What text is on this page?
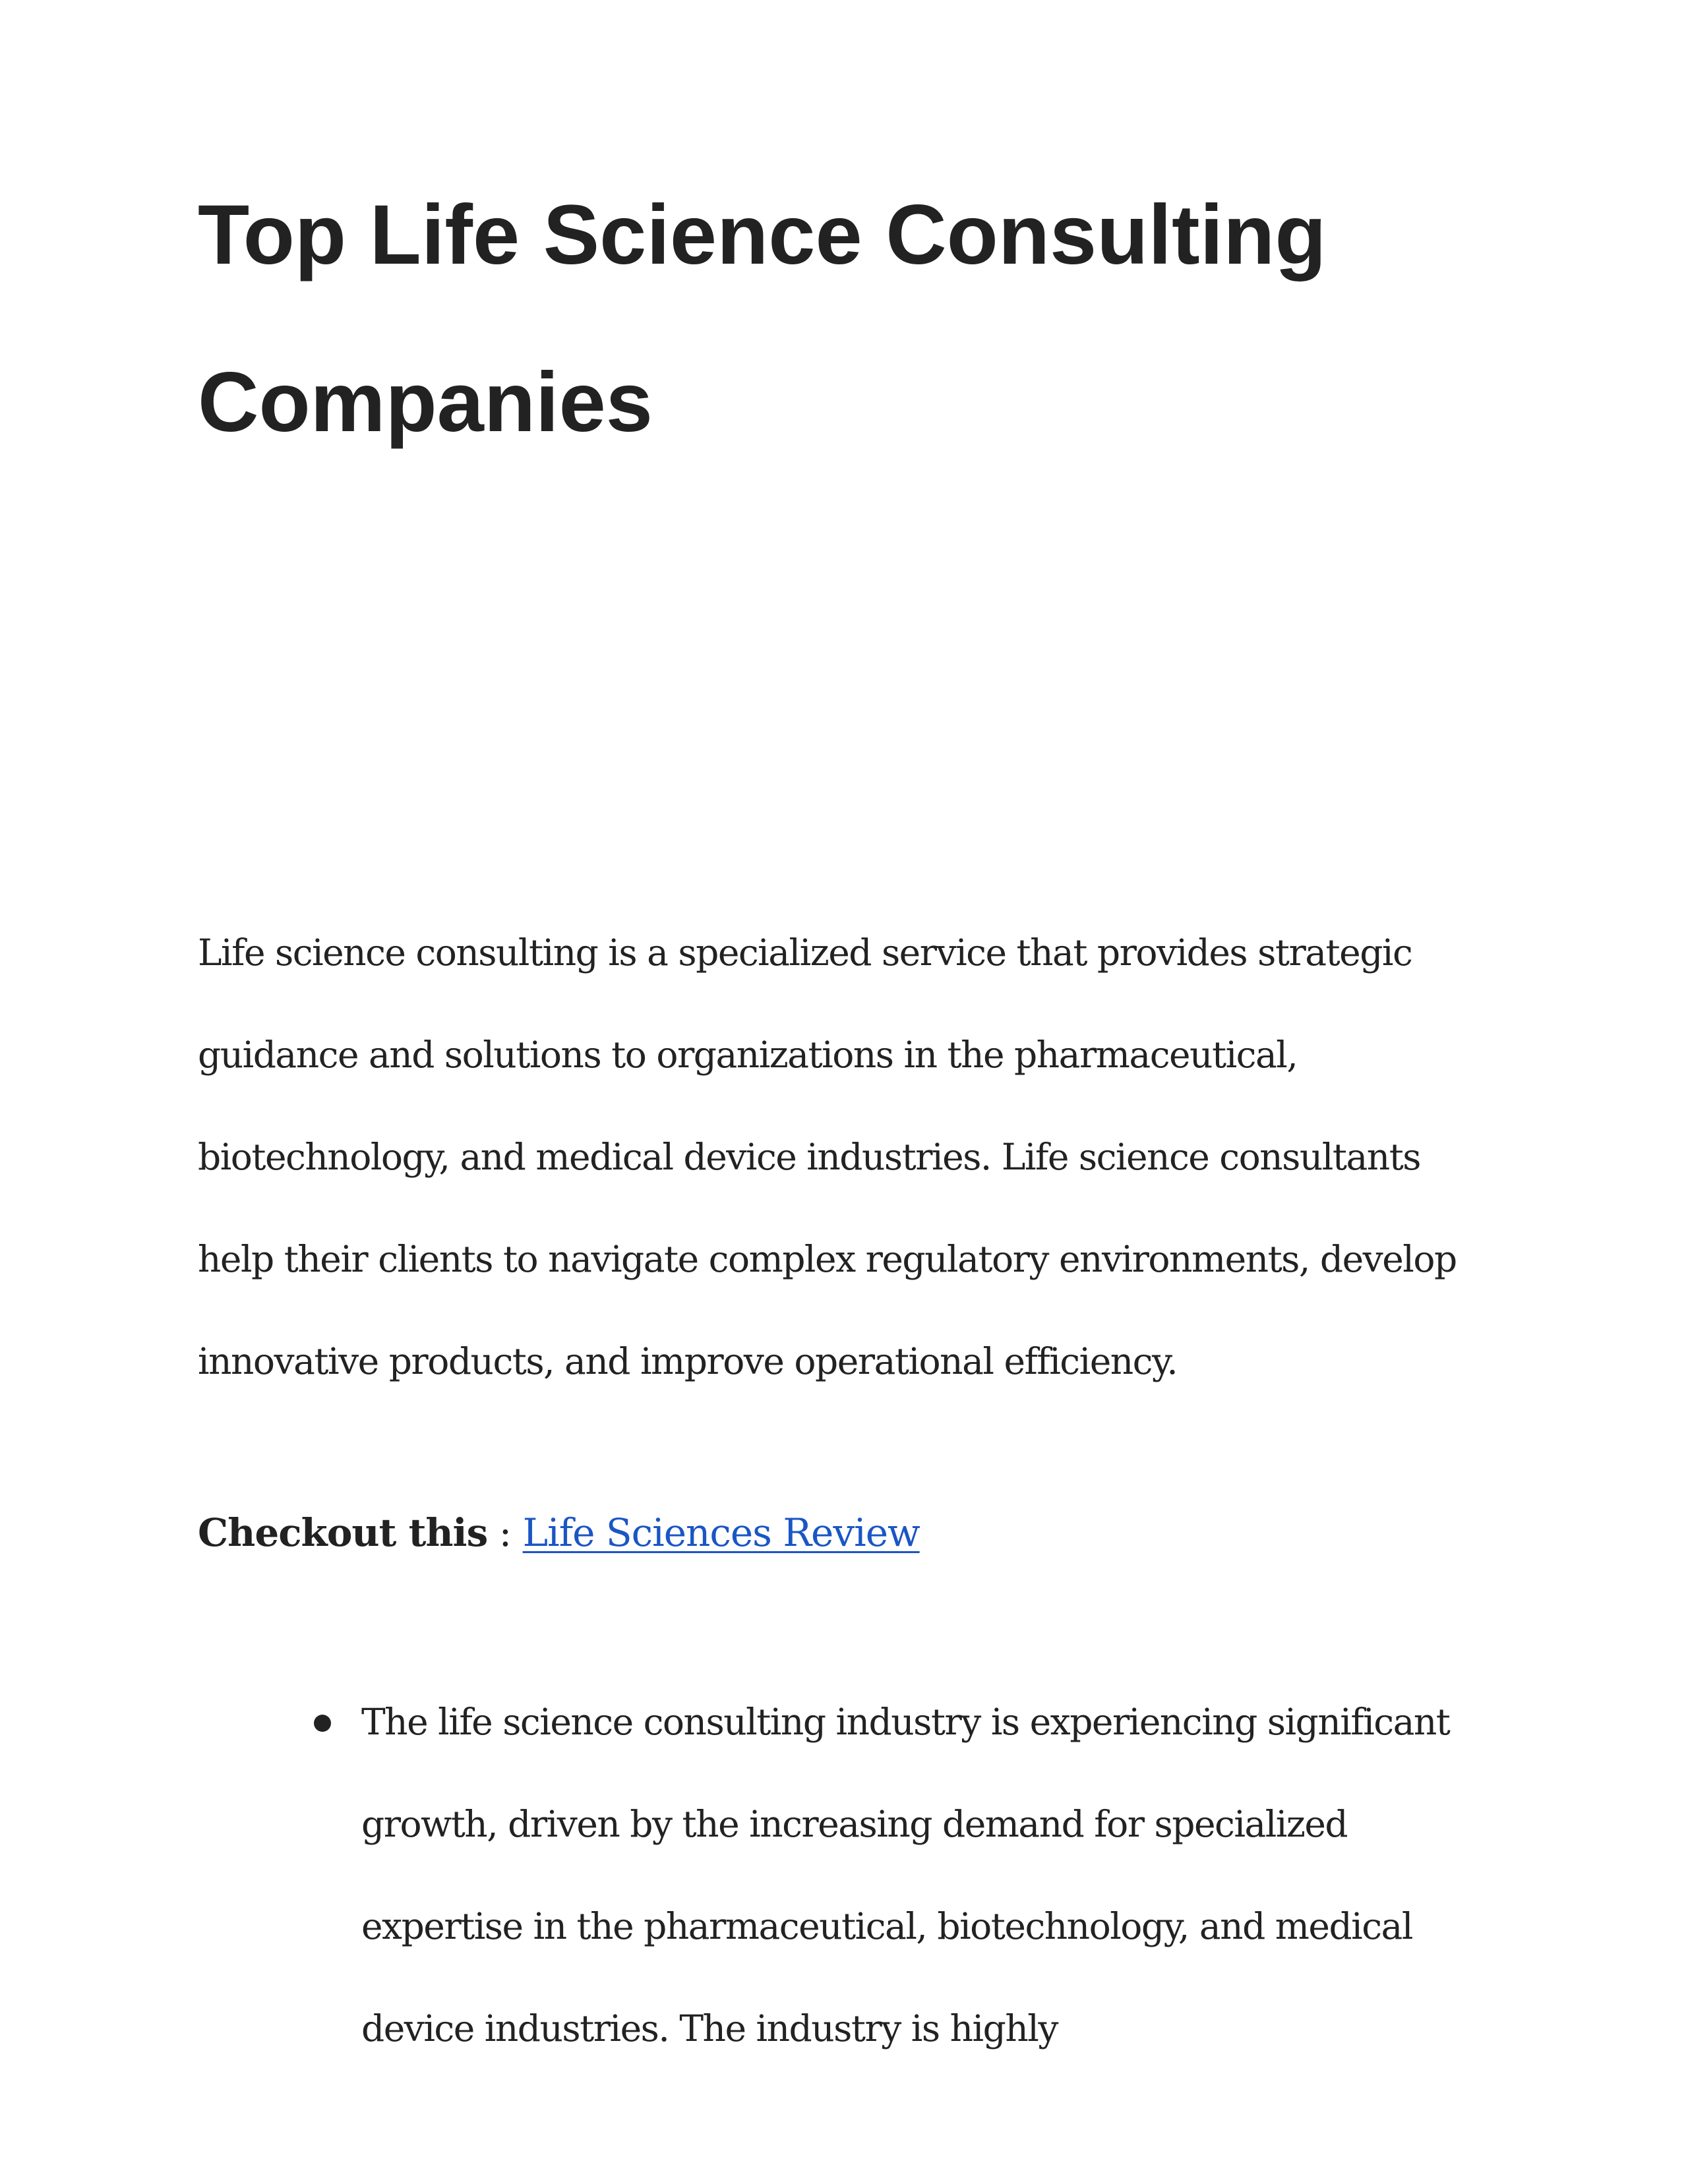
Top Life Science Consulting
Companies

Life science consulting is a specialized service that provides strategic guidance and solutions to organizations in the pharmaceutical, biotechnology, and medical device industries. Life science consultants help their clients to navigate complex regulatory environments, develop innovative products, and improve operational efficiency.

Checkout this : Life Sciences Review

The life science consulting industry is experiencing significant growth, driven by the increasing demand for specialized expertise in the pharmaceutical, biotechnology, and medical device industries. The industry is highly
